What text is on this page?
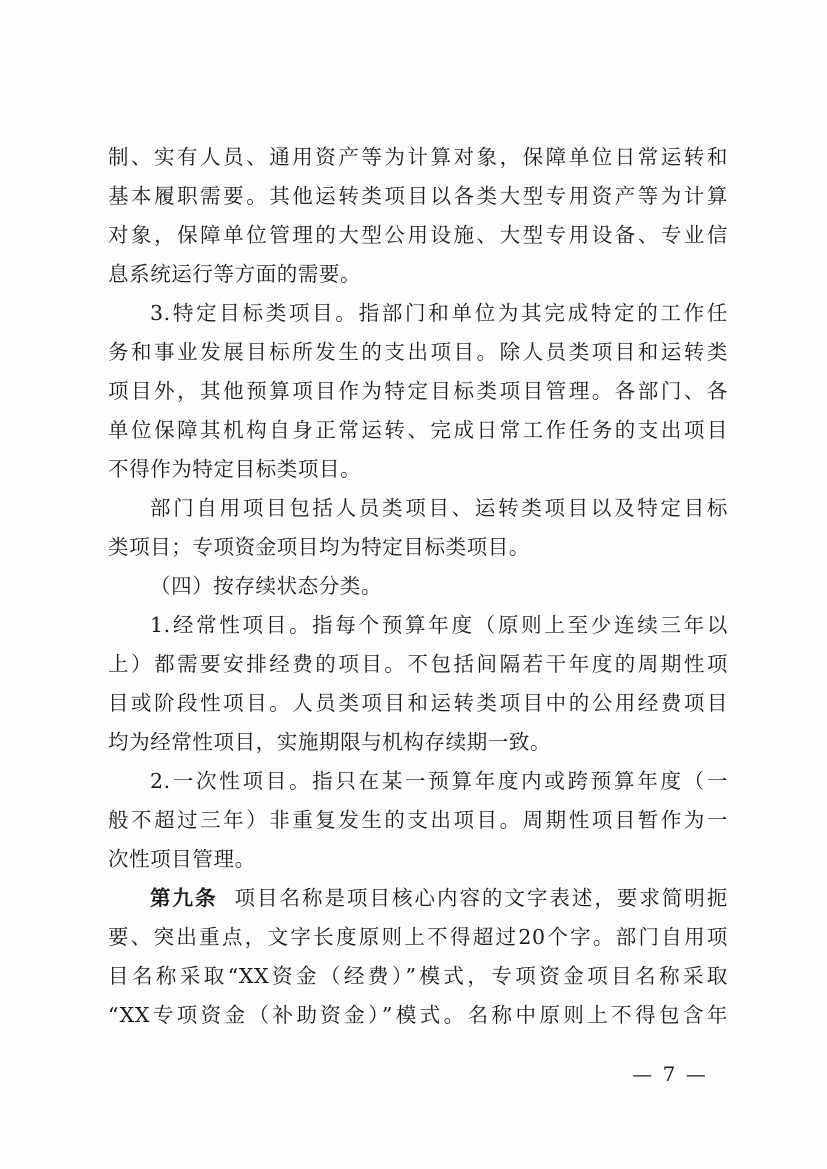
制、实有人员、通用资产等为计算对象，保障单位日常运转和
基本履职需要。其他运转类项目以各类大型专用资产等为计算
对象，保障单位管理的大型公用设施、大型专用设备、专业信
息系统运行等方面的需要。
3.特定目标类项目。指部门和单位为其完成特定的工作任
务和事业发展目标所发生的支出项目。除人员类项目和运转类
项目外，其他预算项目作为特定目标类项目管理。各部门、各
单位保障其机构自身正常运转、完成日常工作任务的支出项目
不得作为特定目标类项目。
部门自用项目包括人员类项目、运转类项目以及特定目标
类项目；专项资金项目均为特定目标类项目。
（四）按存续状态分类。
1.经常性项目。指每个预算年度（原则上至少连续三年以
上）都需要安排经费的项目。不包括间隔若干年度的周期性项
目或阶段性项目。人员类项目和运转类项目中的公用经费项目
均为经常性项目，实施期限与机构存续期一致。
2.一次性项目。指只在某一预算年度内或跨预算年度（一
般不超过三年）非重复发生的支出项目。周期性项目暂作为一
次性项目管理。
第九条 项目名称是项目核心内容的文字表述，要求简明扼
要、突出重点，文字长度原则上不得超过20个字。部门自用项
目名称采取“XX资金（经费）”模式，专项资金项目名称采取
“XX专项资金（补助资金）”模式。名称中原则上不得包含年
— 7 —
